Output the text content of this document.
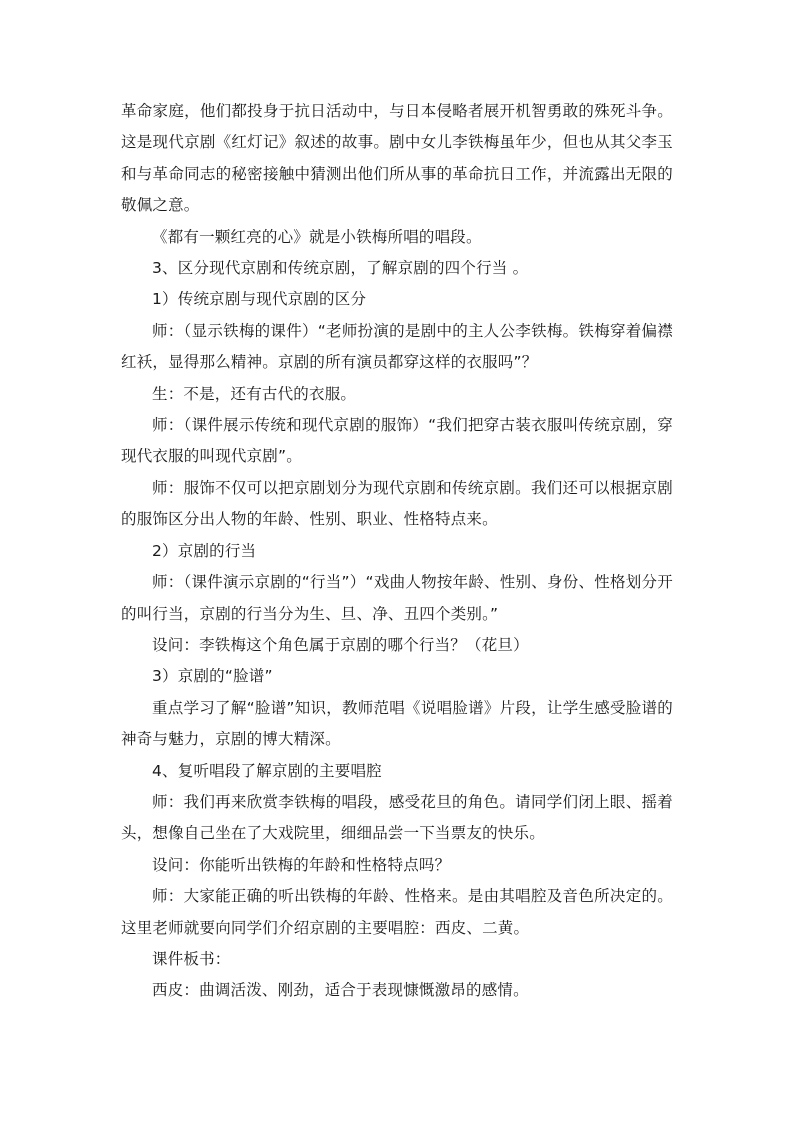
革命家庭，他们都投身于抗日活动中，与日本侵略者展开机智勇敢的殊死斗争。这是现代京剧《红灯记》叙述的故事。剧中女儿李铁梅虽年少，但也从其父李玉和与革命同志的秘密接触中猜测出他们所从事的革命抗日工作，并流露出无限的敬佩之意。

《都有一颗红亮的心》就是小铁梅所唱的唱段。

3、区分现代京剧和传统京剧，了解京剧的四个行当 。

1）传统京剧与现代京剧的区分

师：（显示铁梅的课件）“老师扮演的是剧中的主人公李铁梅。铁梅穿着偏襟红袄，显得那么精神。京剧的所有演员都穿这样的衣服吗”？

生：不是，还有古代的衣服。

师：（课件展示传统和现代京剧的服饰）“我们把穿古装衣服叫传统京剧，穿现代衣服的叫现代京剧”。

师：服饰不仅可以把京剧划分为现代京剧和传统京剧。我们还可以根据京剧的服饰区分出人物的年龄、性别、职业、性格特点来。

2）京剧的行当

师：（课件演示京剧的“行当”）“戏曲人物按年龄、性别、身份、性格划分开的叫行当，京剧的行当分为生、旦、净、丑四个类别。”

设问：李铁梅这个角色属于京剧的哪个行当？（花旦）

3）京剧的“脸谱”

重点学习了解“脸谱”知识，教师范唱《说唱脸谱》片段，让学生感受脸谱的神奇与魅力，京剧的博大精深。

4、复听唱段了解京剧的主要唱腔

师：我们再来欣赏李铁梅的唱段，感受花旦的角色。请同学们闭上眼、摇着头，想像自己坐在了大戏院里，细细品尝一下当票友的快乐。

设问：你能听出铁梅的年龄和性格特点吗？

师：大家能正确的听出铁梅的年龄、性格来。是由其唱腔及音色所决定的。这里老师就要向同学们介绍京剧的主要唱腔：西皮、二黄。

课件板书：

西皮：曲调活泼、刚劲，适合于表现慷慨激昂的感情。
